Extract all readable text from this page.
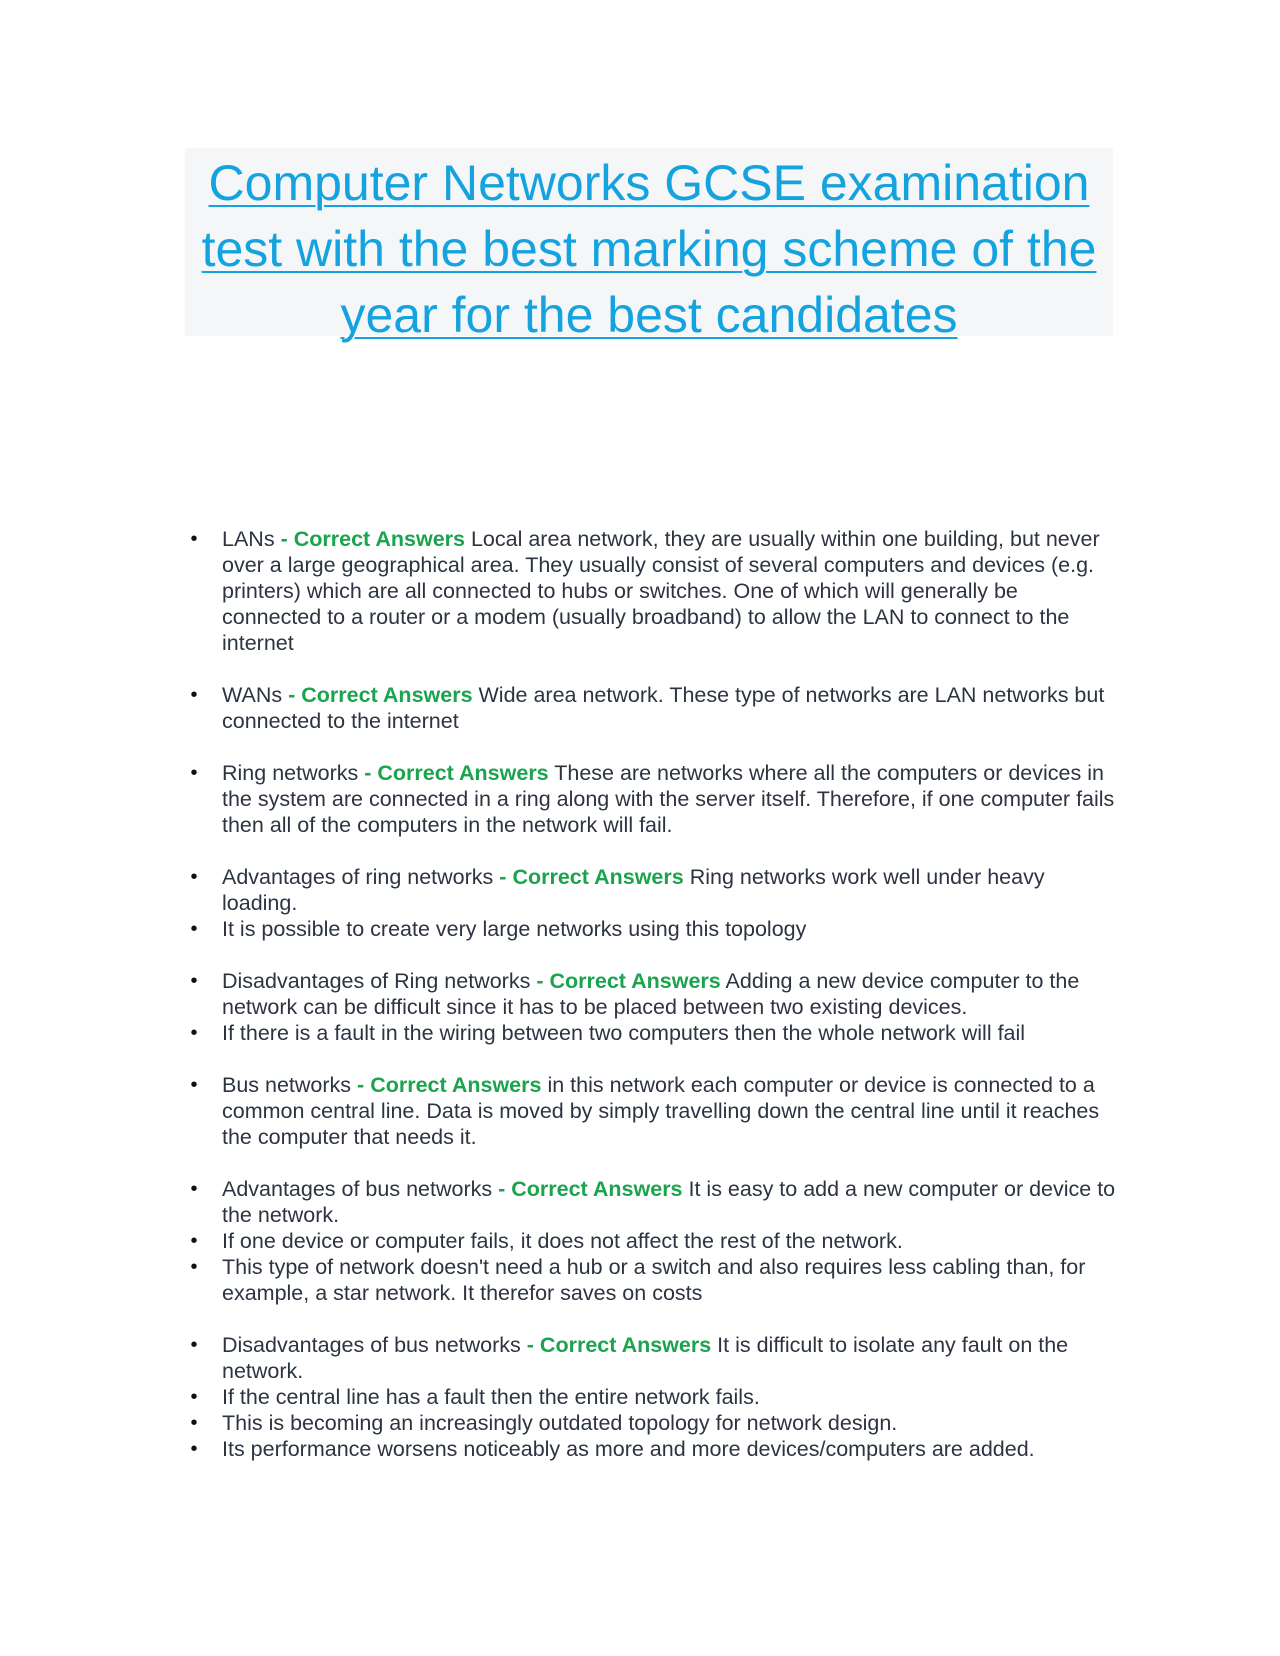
Computer Networks GCSE examination test with the best marking scheme of the year for the best candidates
• LANs - Correct Answers Local area network, they are usually within one building, but never over a large geographical area. They usually consist of several computers and devices (e.g. printers) which are all connected to hubs or switches. One of which will generally be connected to a router or a modem (usually broadband) to allow the LAN to connect to the internet
• WANs - Correct Answers Wide area network. These type of networks are LAN networks but connected to the internet
• Ring networks - Correct Answers These are networks where all the computers or devices in the system are connected in a ring along with the server itself. Therefore, if one computer fails then all of the computers in the network will fail.
• Advantages of ring networks - Correct Answers Ring networks work well under heavy loading.
• It is possible to create very large networks using this topology
• Disadvantages of Ring networks - Correct Answers Adding a new device computer to the network can be difficult since it has to be placed between two existing devices.
• If there is a fault in the wiring between two computers then the whole network will fail
• Bus networks - Correct Answers in this network each computer or device is connected to a common central line. Data is moved by simply travelling down the central line until it reaches the computer that needs it.
• Advantages of bus networks - Correct Answers It is easy to add a new computer or device to the network.
• If one device or computer fails, it does not affect the rest of the network.
• This type of network doesn't need a hub or a switch and also requires less cabling than, for example, a star network. It therefor saves on costs
• Disadvantages of bus networks - Correct Answers It is difficult to isolate any fault on the network.
• If the central line has a fault then the entire network fails.
• This is becoming an increasingly outdated topology for network design.
• Its performance worsens noticeably as more and more devices/computers are added.
